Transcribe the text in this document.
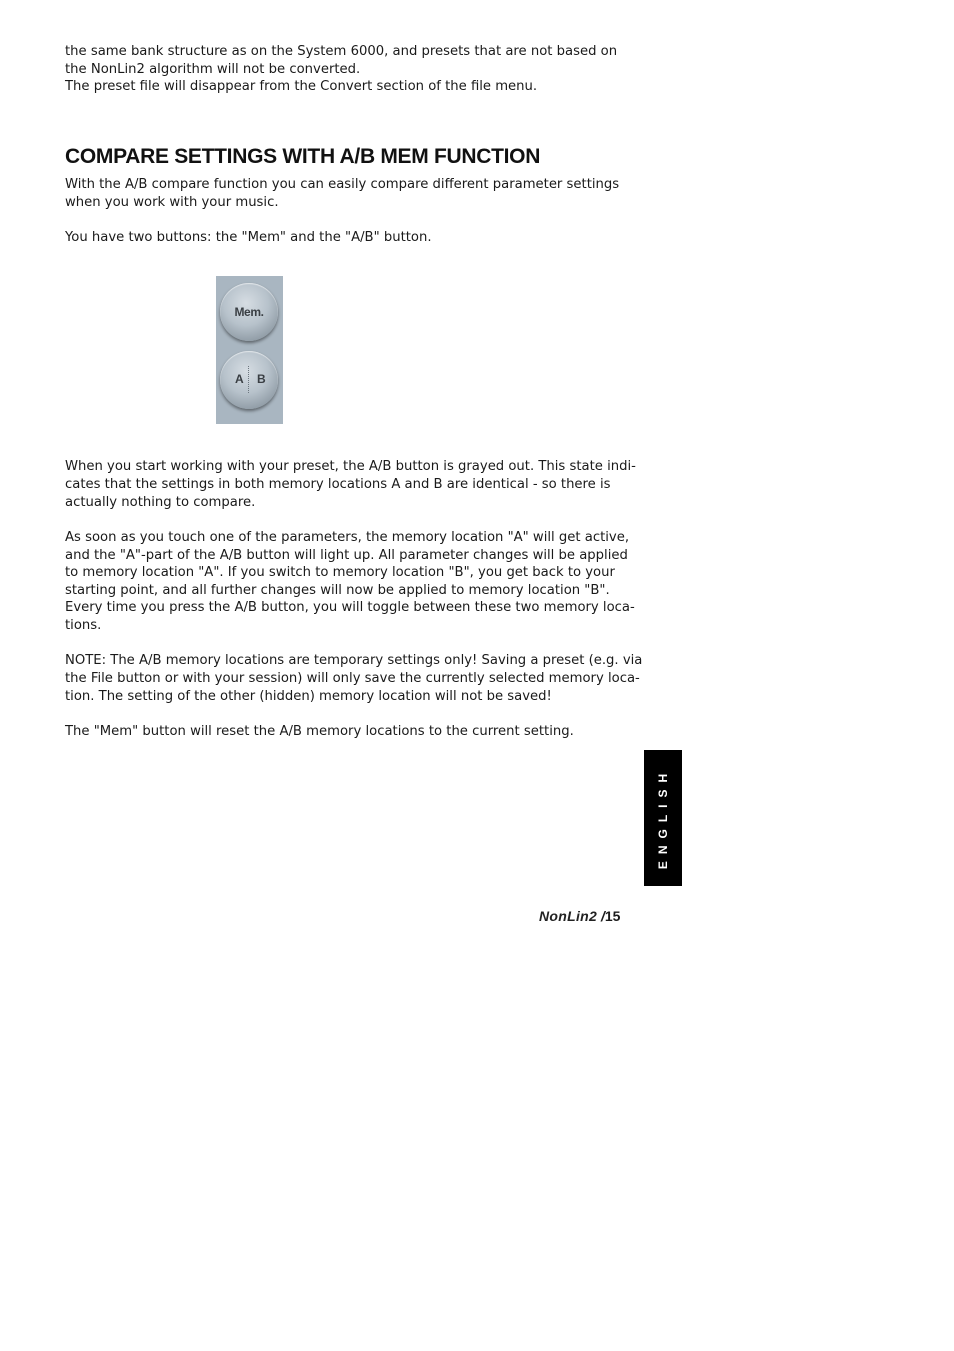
the same bank structure as on the System 6000, and presets that are not based on
the NonLin2 algorithm will not be converted.
The preset file will disappear from the Convert section of the file menu.
COMPARE SETTINGS WITH A/B MEM FUNCTION
With the A/B compare function you can easily compare different parameter settings
when you work with your music.
You have two buttons: the "Mem" and the "A/B" button.
Mem.
A B
When you start working with your preset, the A/B button is grayed out. This state indi-
cates that the settings in both memory locations A and B are identical - so there is
actually nothing to compare.
As soon as you touch one of the parameters, the memory location "A" will get active,
and the "A"-part of the A/B button will light up. All parameter changes will be applied
to memory location "A". If you switch to memory location "B", you get back to your
starting point, and all further changes will now be applied to memory location "B".
Every time you press the A/B button, you will toggle between these two memory loca-
tions.
NOTE: The A/B memory locations are temporary settings only! Saving a preset (e.g. via
the File button or with your session) will only save the currently selected memory loca-
tion. The setting of the other (hidden) memory location will not be saved!
The "Mem" button will reset the A/B memory locations to the current setting.
ENGLISH
NonLin2 /15
